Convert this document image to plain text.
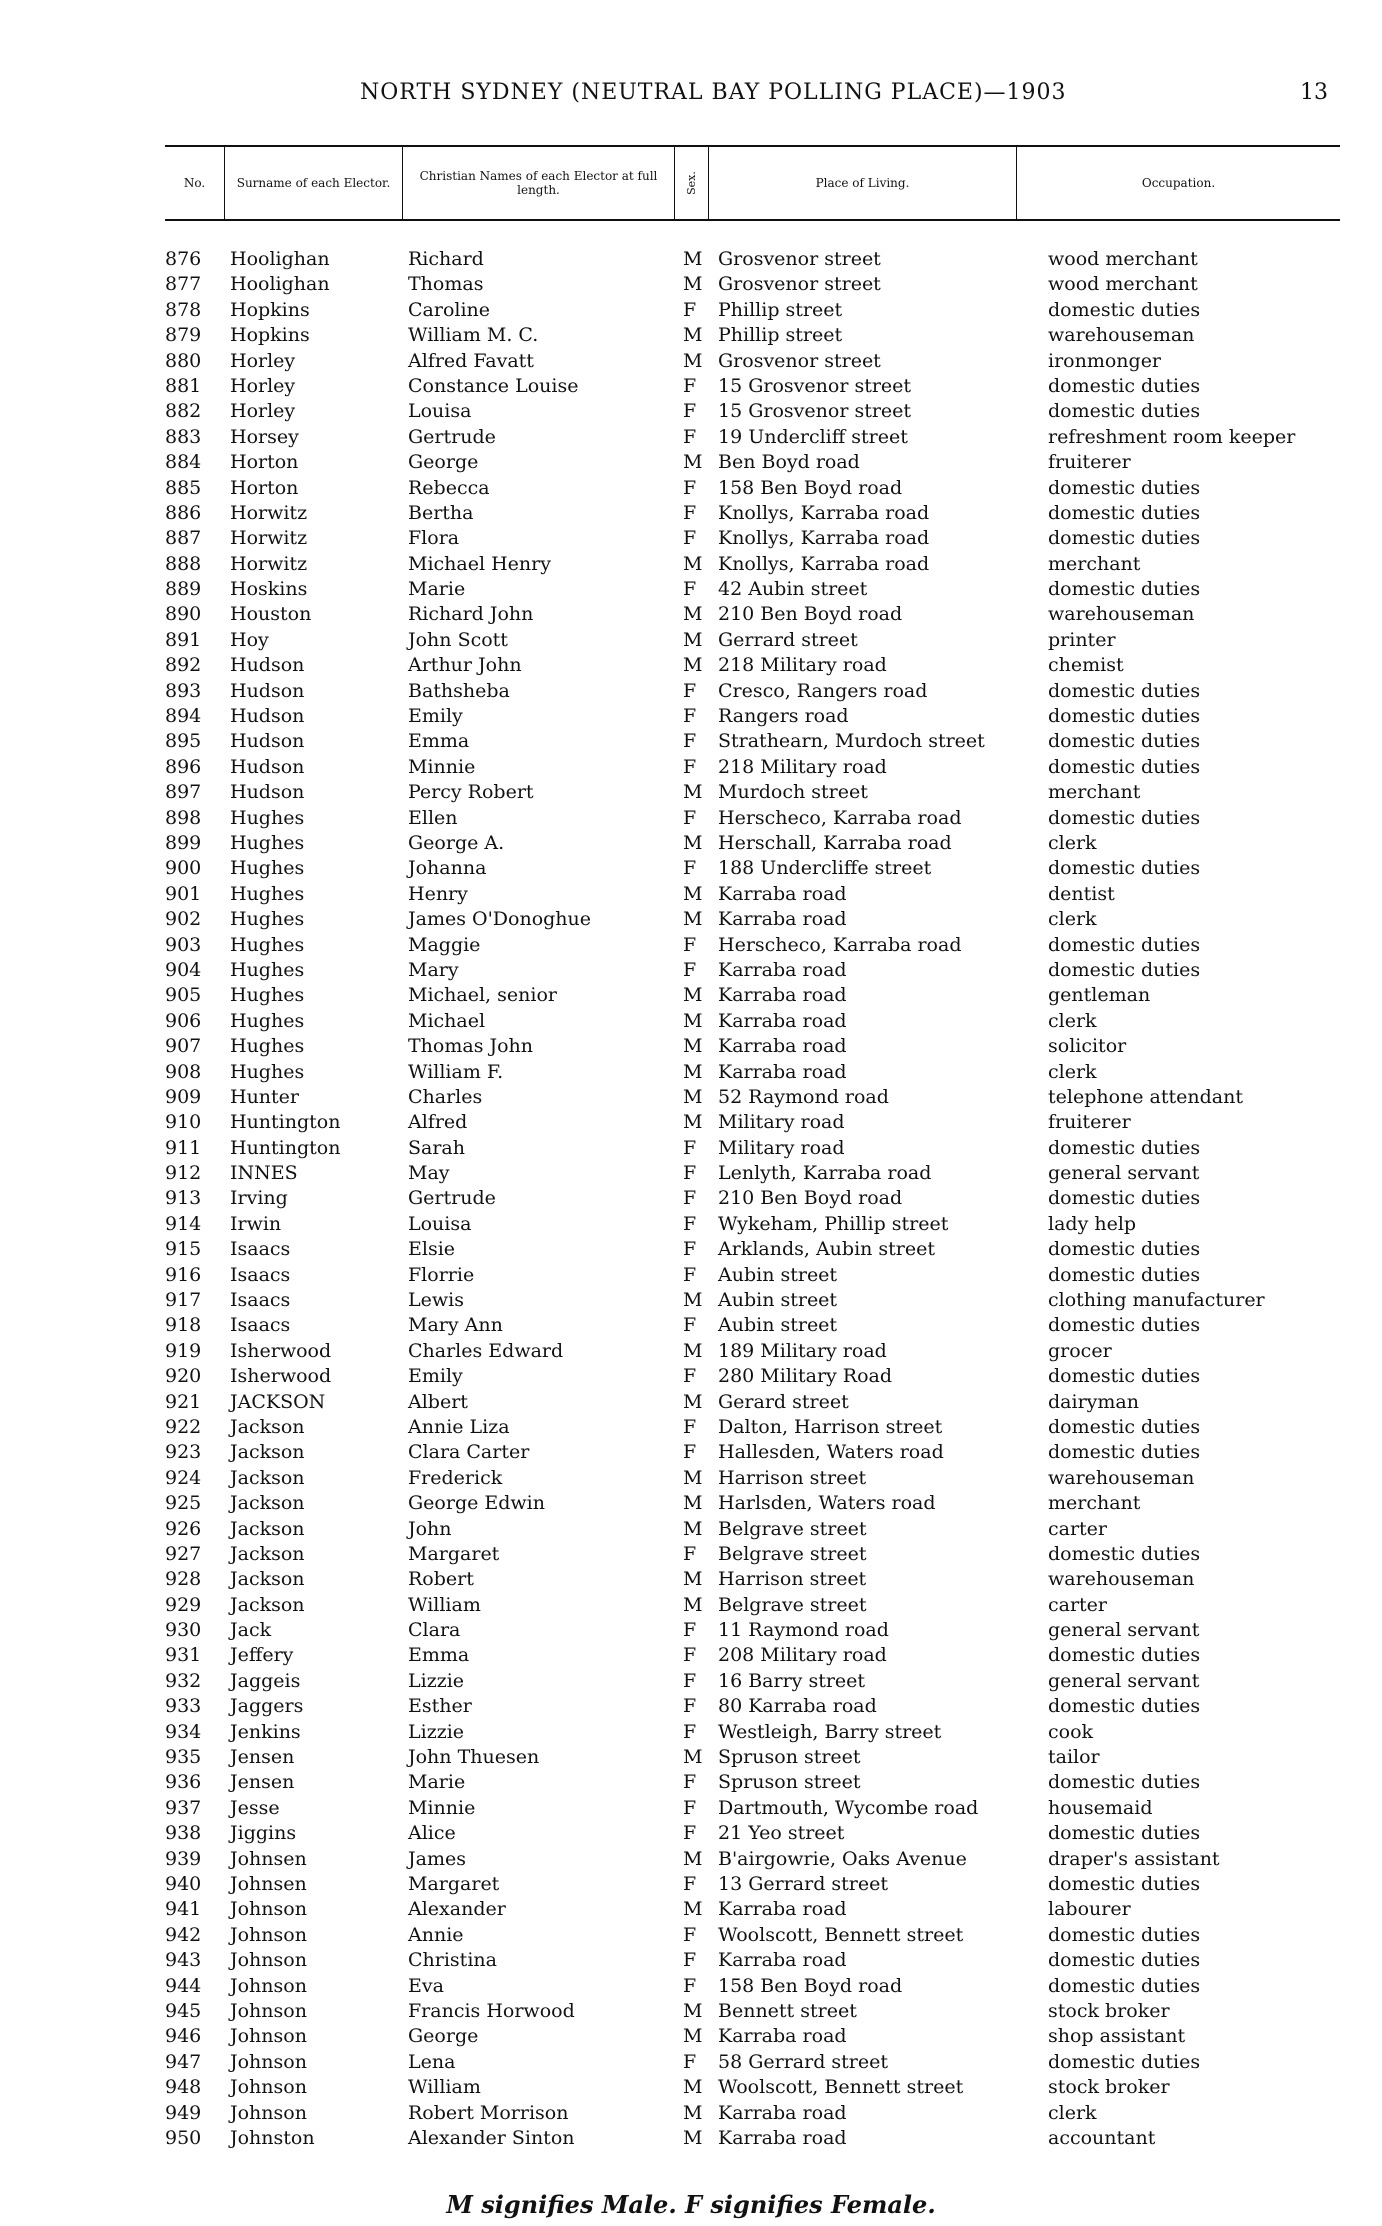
NORTH SYDNEY (NEUTRAL BAY POLLING PLACE)—1903	13
No.	Surname of each Elector.	Christian Names of each Elector at full length.	Sex.	Place of Living.	Occupation.
876 Hoolighan	Richard	M Grosvenor street	wood merchant
877 Hoolighan	Thomas	M Grosvenor street	wood merchant
878 Hopkins	Caroline	F Phillip street	domestic duties
879 Hopkins	William M. C.	M Phillip street	warehouseman
880 Horley	Alfred Favatt	M Grosvenor street	ironmonger
881 Horley	Constance Louise	F 15 Grosvenor street	domestic duties
882 Horley	Louisa	F 15 Grosvenor street	domestic duties
883 Horsey	Gertrude	F 19 Undercliff street	refreshment room keeper
884 Horton	George	M Ben Boyd road	fruiterer
885 Horton	Rebecca	F 158 Ben Boyd road	domestic duties
886 Horwitz	Bertha	F Knollys, Karraba road	domestic duties
887 Horwitz	Flora	F Knollys, Karraba road	domestic duties
888 Horwitz	Michael Henry	M Knollys, Karraba road	merchant
889 Hoskins	Marie	F 42 Aubin street	domestic duties
890 Houston	Richard John	M 210 Ben Boyd road	warehouseman
891 Hoy	John Scott	M Gerrard street	printer
892 Hudson	Arthur John	M 218 Military road	chemist
893 Hudson	Bathsheba	F Cresco, Rangers road	domestic duties
894 Hudson	Emily	F Rangers road	domestic duties
895 Hudson	Emma	F Strathearn, Murdoch street	domestic duties
896 Hudson	Minnie	F 218 Military road	domestic duties
897 Hudson	Percy Robert	M Murdoch street	merchant
898 Hughes	Ellen	F Herscheco, Karraba road	domestic duties
899 Hughes	George A.	M Herschall, Karraba road	clerk
900 Hughes	Johanna	F 188 Undercliffe street	domestic duties
901 Hughes	Henry	M Karraba road	dentist
902 Hughes	James O'Donoghue	M Karraba road	clerk
903 Hughes	Maggie	F Herscheco, Karraba road	domestic duties
904 Hughes	Mary	F Karraba road	domestic duties
905 Hughes	Michael, senior	M Karraba road	gentleman
906 Hughes	Michael	M Karraba road	clerk
907 Hughes	Thomas John	M Karraba road	solicitor
908 Hughes	William F.	M Karraba road	clerk
909 Hunter	Charles	M 52 Raymond road	telephone attendant
910 Huntington	Alfred	M Military road	fruiterer
911 Huntington	Sarah	F Military road	domestic duties
912 INNES	May	F Lenlyth, Karraba road	general servant
913 Irving	Gertrude	F 210 Ben Boyd road	domestic duties
914 Irwin	Louisa	F Wykeham, Phillip street	lady help
915 Isaacs	Elsie	F Arklands, Aubin street	domestic duties
916 Isaacs	Florrie	F Aubin street	domestic duties
917 Isaacs	Lewis	M Aubin street	clothing manufacturer
918 Isaacs	Mary Ann	F Aubin street	domestic duties
919 Isherwood	Charles Edward	M 189 Military road	grocer
920 Isherwood	Emily	F 280 Military Road	domestic duties
921 JACKSON	Albert	M Gerard street	dairyman
922 Jackson	Annie Liza	F Dalton, Harrison street	domestic duties
923 Jackson	Clara Carter	F Hallesden, Waters road	domestic duties
924 Jackson	Frederick	M Harrison street	warehouseman
925 Jackson	George Edwin	M Harlsden, Waters road	merchant
926 Jackson	John	M Belgrave street	carter
927 Jackson	Margaret	F Belgrave street	domestic duties
928 Jackson	Robert	M Harrison street	warehouseman
929 Jackson	William	M Belgrave street	carter
930 Jack	Clara	F 11 Raymond road	general servant
931 Jeffery	Emma	F 208 Military road	domestic duties
932 Jaggeis	Lizzie	F 16 Barry street	general servant
933 Jaggers	Esther	F 80 Karraba road	domestic duties
934 Jenkins	Lizzie	F Westleigh, Barry street	cook
935 Jensen	John Thuesen	M Spruson street	tailor
936 Jensen	Marie	F Spruson street	domestic duties
937 Jesse	Minnie	F Dartmouth, Wycombe road	housemaid
938 Jiggins	Alice	F 21 Yeo street	domestic duties
939 Johnsen	James	M B'airgowrie, Oaks Avenue	draper's assistant
940 Johnsen	Margaret	F 13 Gerrard street	domestic duties
941 Johnson	Alexander	M Karraba road	labourer
942 Johnson	Annie	F Woolscott, Bennett street	domestic duties
943 Johnson	Christina	F Karraba road	domestic duties
944 Johnson	Eva	F 158 Ben Boyd road	domestic duties
945 Johnson	Francis Horwood	M Bennett street	stock broker
946 Johnson	George	M Karraba road	shop assistant
947 Johnson	Lena	F 58 Gerrard street	domestic duties
948 Johnson	William	M Woolscott, Bennett street	stock broker
949 Johnson	Robert Morrison	M Karraba road	clerk
950 Johnston	Alexander Sinton	M Karraba road	accountant
M signifies Male. F signifies Female.
